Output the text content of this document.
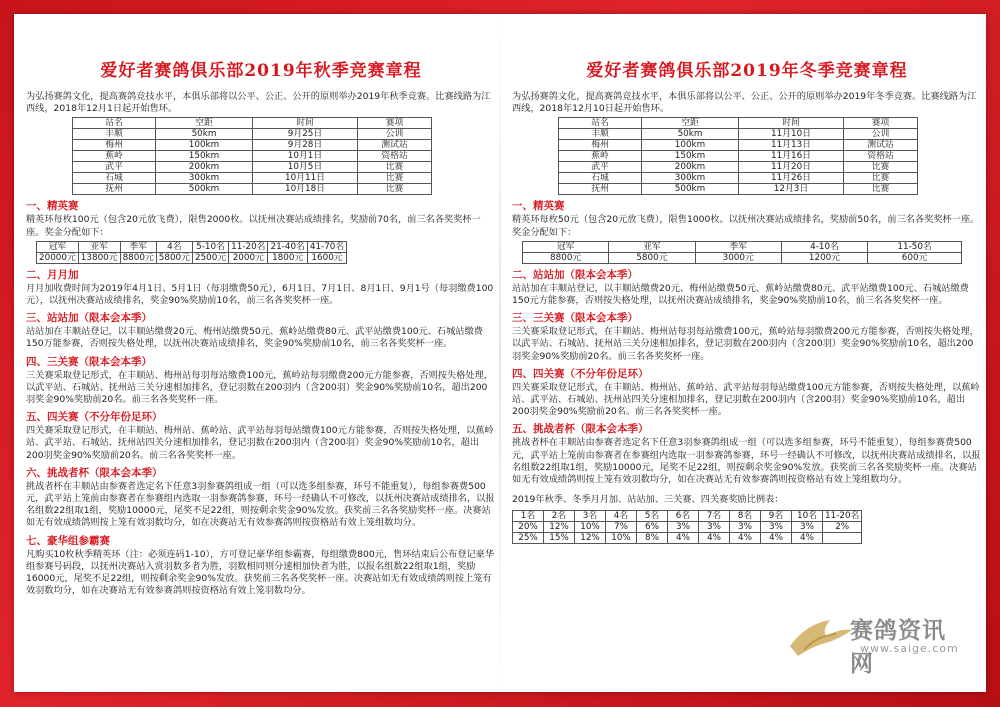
爱好者赛鸽俱乐部2019年秋季竞赛章程

为弘扬赛鸽文化，提高赛鸽竞技水平，本俱乐部将以公平、公正、公开的原则举办2019年秋季竞赛。比赛线路为江西线，2018年12月1日起开始售环。

站名	空距	时间	赛项
丰顺	50km	9月25日	公训
梅州	100km	9月28日	测试站
蕉岭	150km	10月1日	资格站
武平	200km	10月5日	比赛
石城	300km	10月11日	比赛
抚州	500km	10月18日	比赛
一、精英赛

精英环每枚100元（包含20元放飞费），限售2000枚。以抚州决赛站成绩排名，奖励前70名，前三名各奖奖杯一座。奖金分配如下：

冠军	亚军	季军	4名	5-10名	11-20名	21-40名	41-70名
20000元	13800元	8800元	5800元	2500元	2000元	1800元	1600元
二、月月加

月月加收费时间为2019年4月1日、5月1日（每羽缴费50元），6月1日、7月1日、8月1日、9月1号（每羽缴费100元），以抚州决赛站成绩排名，奖金90%奖励前10名，前三名各奖奖杯一座。

三、站站加（限本会本季）

站站加在丰顺站登记，以丰顺站缴费20元、梅州站缴费50元、蕉岭站缴费80元、武平站缴费100元、石城站缴费150万能参赛，否则按失格处理，以抚州决赛站成绩排名，奖金90%奖励前10名，前三名各奖奖杯一座。

四、三关赛（限本会本季）

三关赛采取登记形式，在丰顺站、梅州站每羽每站缴费100元，蕉岭站每羽缴费200元方能参赛，否则按失格处理，以武平站、石城站、抚州站三关分速相加排名，登记羽数在200羽内（含200羽）奖金90%奖励前10名，超出200羽奖金90%奖励前20名。前三名各奖奖杯一座。

五、四关赛（不分年份足环）

四关赛采取登记形式，在丰顺站、梅州站、蕉岭站、武平站每羽每站缴费100元方能参赛，否则按失格处理，以蕉岭站、武平站、石城站、抚州站四关分速相加排名，登记羽数在200羽内（含200羽）奖金90%奖励前10名，超出200羽奖金90%奖励前20名。前三名各奖奖杯一座。

六、挑战者杯（限本会本季）

挑战者杯在丰顺站由参赛者选定名下任意3羽参赛鸽组成一组（可以选多组参赛，环号不能重复），每组参赛费500元，武平站上笼前由参赛者在参赛组内选取一羽参赛鸽参赛，环号一经确认不可修改，以抚州决赛站成绩排名，以报名组数22组取1组，奖励10000元，尾奖不足22组，则按剩余奖金90%发放。获奖前三名各奖励奖杯一座。决赛站如无有效成绩鸽则按上笼有效羽数均分，如在决赛站无有效参赛鸽则按资格站有效上笼组数均分。

七、豪华组参霸赛

凡购买10枚秋季精英环（注：必须连码1-10），方可登记豪华组参霸赛，每组缴费800元，售环结束后公布登记豪华组参赛号码段，以抚州决赛站入赏羽数多者为胜，羽数相同则分速相加快者为胜，以报名组数22组取1组，奖励16000元，尾奖不足22组，则按剩余奖金90%发放。获奖前三名各奖奖杯一座。决赛站如无有效成绩鸽则按上笼有效羽数均分，如在决赛站无有效参赛鸽则按资格站有效上笼羽数均分。

爱好者赛鸽俱乐部2019年冬季竞赛章程

为弘扬赛鸽文化，提高赛鸽竞技水平，本俱乐部将以公平、公正、公开的原则举办2019年冬季竞赛。比赛线路为江西线，2018年12月10日起开始售环。

站名	空距	时间	赛项
丰顺	50km	11月10日	公训
梅州	100km	11月13日	测试站
蕉岭	150km	11月16日	资格站
武平	200km	11月20日	比赛
石城	300km	11月26日	比赛
抚州	500km	12月3日	比赛
一、精英赛

精英环每枚50元（包含20元放飞费），限售1000枚。以抚州决赛站成绩排名，奖励前50名，前三名各奖奖杯一座。奖金分配如下：

冠军	亚军	季军	4-10名	11-50名
8800元	5800元	3000元	1200元	600元
二、站站加（限本会本季）

站站加在丰顺站登记，以丰顺站缴费20元、梅州站缴费50元、蕉岭站缴费80元、武平站缴费100元、石城站缴费150元方能参赛，否则按失格处理，以抚州决赛站成绩排名，奖金90%奖励前10名，前三名各奖奖杯一座。

三、三关赛（限本会本季）

三关赛采取登记形式，在丰顺站、梅州站每羽每站缴费100元，蕉岭站每羽缴费200元方能参赛，否则按失格处理，以武平站、石城站、抚州站三关分速相加排名，登记羽数在200羽内（含200羽）奖金90%奖励前10名，超出200羽奖金90%奖励前20名。前三名各奖奖杯一座。

四、四关赛（不分年份足环）

四关赛采取登记形式，在丰顺站、梅州站、蕉岭站、武平站每羽每站缴费100元方能参赛，否则按失格处理，以蕉岭站、武平站、石城站、抚州站四关分速相加排名，登记羽数在200羽内（含200羽）奖金90%奖励前10名，超出200羽奖金90%奖励前20名。前三名各奖奖杯一座。

五、挑战者杯（限本会本季）

挑战者杯在丰顺站由参赛者选定名下任意3羽参赛鸽组成一组（可以选多组参赛，环号不能重复），每组参赛费500元，武平站上笼前由参赛者在参赛组内选取一羽参赛鸽参赛，环号一经确认不可修改，以抚州决赛站成绩排名，以报名组数22组取1组，奖励10000元，尾奖不足22组，则按剩余奖金90%发放。获奖前三名各奖励奖杯一座。决赛站如无有效成绩鸽则按上笼有效羽数均分，如在决赛站无有效参赛鸽则按资格站有效上笼组数均分。

2019年秋季、冬季月月加、站站加、三关赛、四关赛奖励比例表：

1名	2名	3名	4名	5名	6名	7名	8名	9名	10名	11-20名
20%	12%	10%	7%	6%	3%	3%	3%	3%	3%	2%
25%	15%	12%	10%	8%	4%	4%	4%	4%	4%	
赛鸽资讯网
www.saige.com
